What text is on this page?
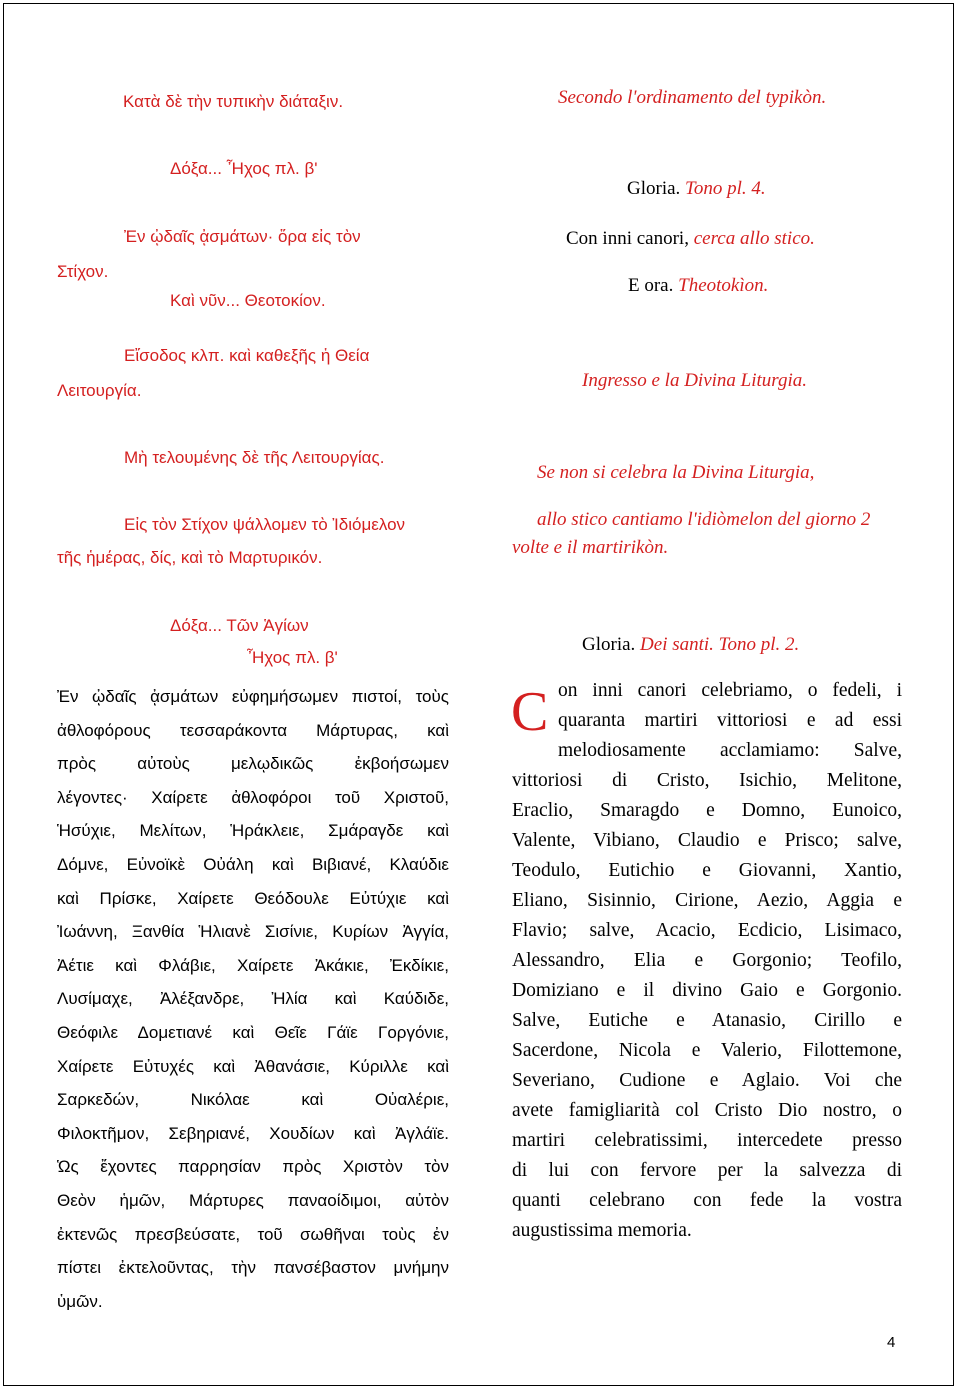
Κατὰ δὲ τὴν τυπικὴν διάταξιν.
Δόξα... Ἦχος πλ. β'
Ἐν ᾠδαῖς ᾀσμάτων· ὅρα εἰς τὸν
Στίχον.
Καὶ νῦν... Θεοτοκίον.
Εἴσοδος κλπ. καὶ καθεξῆς ἡ Θεία
Λειτουργία.
Μὴ τελουμένης δὲ τῆς Λειτουργίας.
Εἰς τὸν Στίχον ψάλλομεν τὸ Ἰδιόμελον
τῆς ἡμέρας, δίς, καὶ τὸ Μαρτυρικόν.
Δόξα... Τῶν Ἁγίων
Ἦχος πλ. β'
Ἐν ᾠδαῖς ᾀσμάτων εὐφημήσωμεν πιστοί, τοὺς
ἀθλοφόρους τεσσαράκοντα Μάρτυρας, καὶ
πρὸς αὐτοὺς μελῳδικῶς ἐκβοήσωμεν
λέγοντες· Χαίρετε ἀθλοφόροι τοῦ Χριστοῦ,
Ἡσύχιε, Μελίτων, Ἡράκλειε, Σμάραγδε καὶ
Δόμνε, Εὐνοϊκὲ Οὐάλη καὶ Βιβιανέ, Κλαύδιε
καὶ Πρίσκε, Χαίρετε Θεόδουλε Εὐτύχιε καὶ
Ἰωάννη, Ξανθία Ἡλιανὲ Σισίνιε, Κυρίων Ἀγγία,
Ἀέτιε καὶ Φλάβιε, Χαίρετε Ἀκάκιε, Ἐκδίκιε,
Λυσίμαχε, Ἀλέξανδρε, Ἠλία καὶ Καύδιδε,
Θεόφιλε Δομετιανέ καὶ Θεῖε Γάϊε Γοργόνιε,
Χαίρετε Εὐτυχές καὶ Ἀθανάσιε, Κύριλλε καὶ
Σαρκεδών, Νικόλαε καὶ Οὐαλέριε,
Φιλοκτῆμον, Σεβηριανέ, Χουδίων καὶ Ἀγλάϊε.
Ὡς ἔχοντες παρρησίαν πρὸς Χριστὸν τὸν
Θεὸν ἡμῶν, Μάρτυρες παναοίδιμοι, αὐτὸν
ἐκτενῶς πρεσβεύσατε, τοῦ σωθῆναι τοὺς ἐν
πίστει ἐκτελοῦντας, τὴν πανσέβαστον μνήμην
ὑμῶν.
Secondo l'ordinamento del typikòn.
Gloria. Tono pl. 4.
Con inni canori, cerca allo stico.
E ora. Theotokìon.
Ingresso e la Divina Liturgia.
Se non si celebra la Divina Liturgia,
allo stico cantiamo l'idiòmelon del giorno 2
volte e il martirikòn.
Gloria. Dei santi. Tono pl. 2.
C on inni canori celebriamo, o fedeli, i
quaranta martiri vittoriosi e ad essi
melodiosamente acclamiamo: Salve,
vittoriosi di Cristo, Isichio, Melitone,
Eraclio, Smaragdo e Domno, Eunoico,
Valente, Vibiano, Claudio e Prisco; salve,
Teodulo, Eutichio e Giovanni, Xantio,
Eliano, Sisinnio, Cirione, Aezio, Aggia e
Flavio; salve, Acacio, Ecdicio, Lisimaco,
Alessandro, Elia e Gorgonio; Teofilo,
Domiziano e il divino Gaio e Gorgonio.
Salve, Eutiche e Atanasio, Cirillo e
Sacerdone, Nicola e Valerio, Filottemone,
Severiano, Cudione e Aglaio. Voi che
avete famigliarità col Cristo Dio nostro, o
martiri celebratissimi, intercedete presso
di lui con fervore per la salvezza di
quanti celebrano con fede la vostra
augustissima memoria.
4
